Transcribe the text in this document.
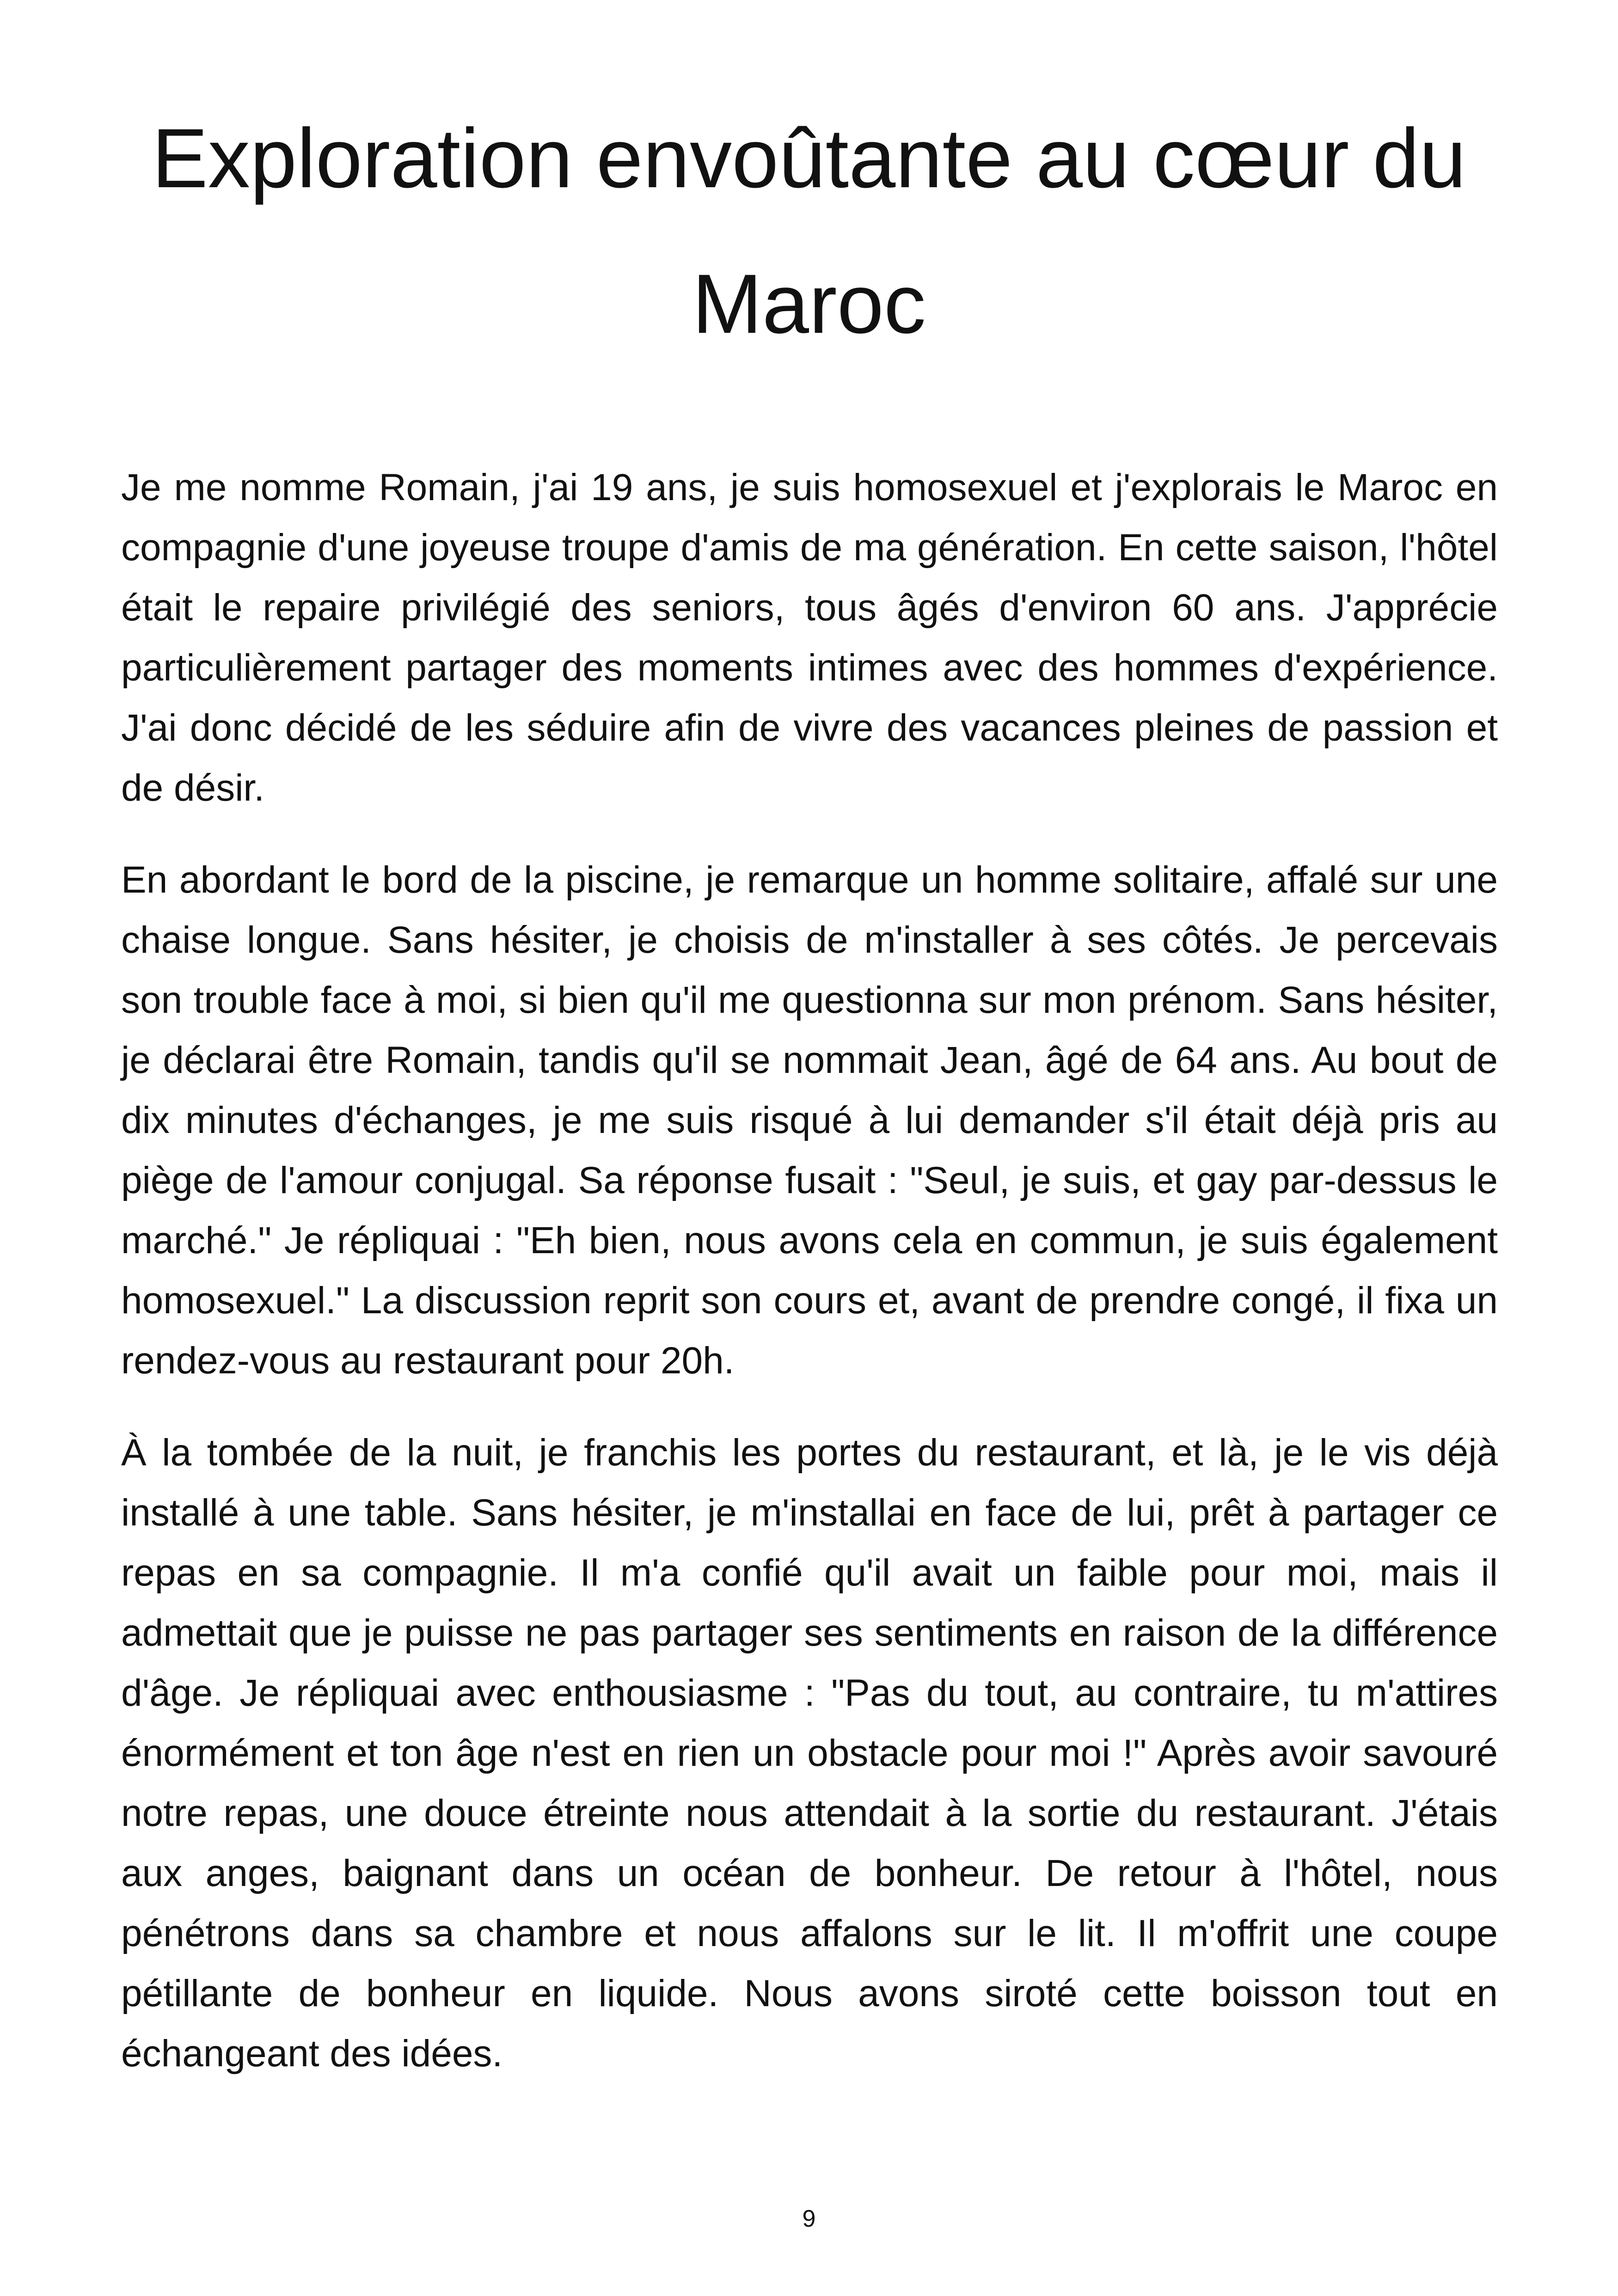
Exploration envoûtante au cœur du Maroc

Je me nomme Romain, j'ai 19 ans, je suis homosexuel et j'explorais le Maroc en compagnie d'une joyeuse troupe d'amis de ma génération. En cette saison, l'hôtel était le repaire privilégié des seniors, tous âgés d'environ 60 ans. J'apprécie particulièrement partager des moments intimes avec des hommes d'expérience. J'ai donc décidé de les séduire afin de vivre des vacances pleines de passion et de désir.

En abordant le bord de la piscine, je remarque un homme solitaire, affalé sur une chaise longue. Sans hésiter, je choisis de m'installer à ses côtés. Je percevais son trouble face à moi, si bien qu'il me questionna sur mon prénom. Sans hésiter, je déclarai être Romain, tandis qu'il se nommait Jean, âgé de 64 ans. Au bout de dix minutes d'échanges, je me suis risqué à lui demander s'il était déjà pris au piège de l'amour conjugal. Sa réponse fusait : "Seul, je suis, et gay par-dessus le marché." Je répliquai : "Eh bien, nous avons cela en commun, je suis également homosexuel." La discussion reprit son cours et, avant de prendre congé, il fixa un rendez-vous au restaurant pour 20h.

À la tombée de la nuit, je franchis les portes du restaurant, et là, je le vis déjà installé à une table. Sans hésiter, je m'installai en face de lui, prêt à partager ce repas en sa compagnie. Il m'a confié qu'il avait un faible pour moi, mais il admettait que je puisse ne pas partager ses sentiments en raison de la différence d'âge. Je répliquai avec enthousiasme : "Pas du tout, au contraire, tu m'attires énormément et ton âge n'est en rien un obstacle pour moi !" Après avoir savouré notre repas, une douce étreinte nous attendait à la sortie du restaurant. J'étais aux anges, baignant dans un océan de bonheur. De retour à l'hôtel, nous pénétrons dans sa chambre et nous affalons sur le lit. Il m'offrit une coupe pétillante de bonheur en liquide. Nous avons siroté cette boisson tout en échangeant des idées.

9
